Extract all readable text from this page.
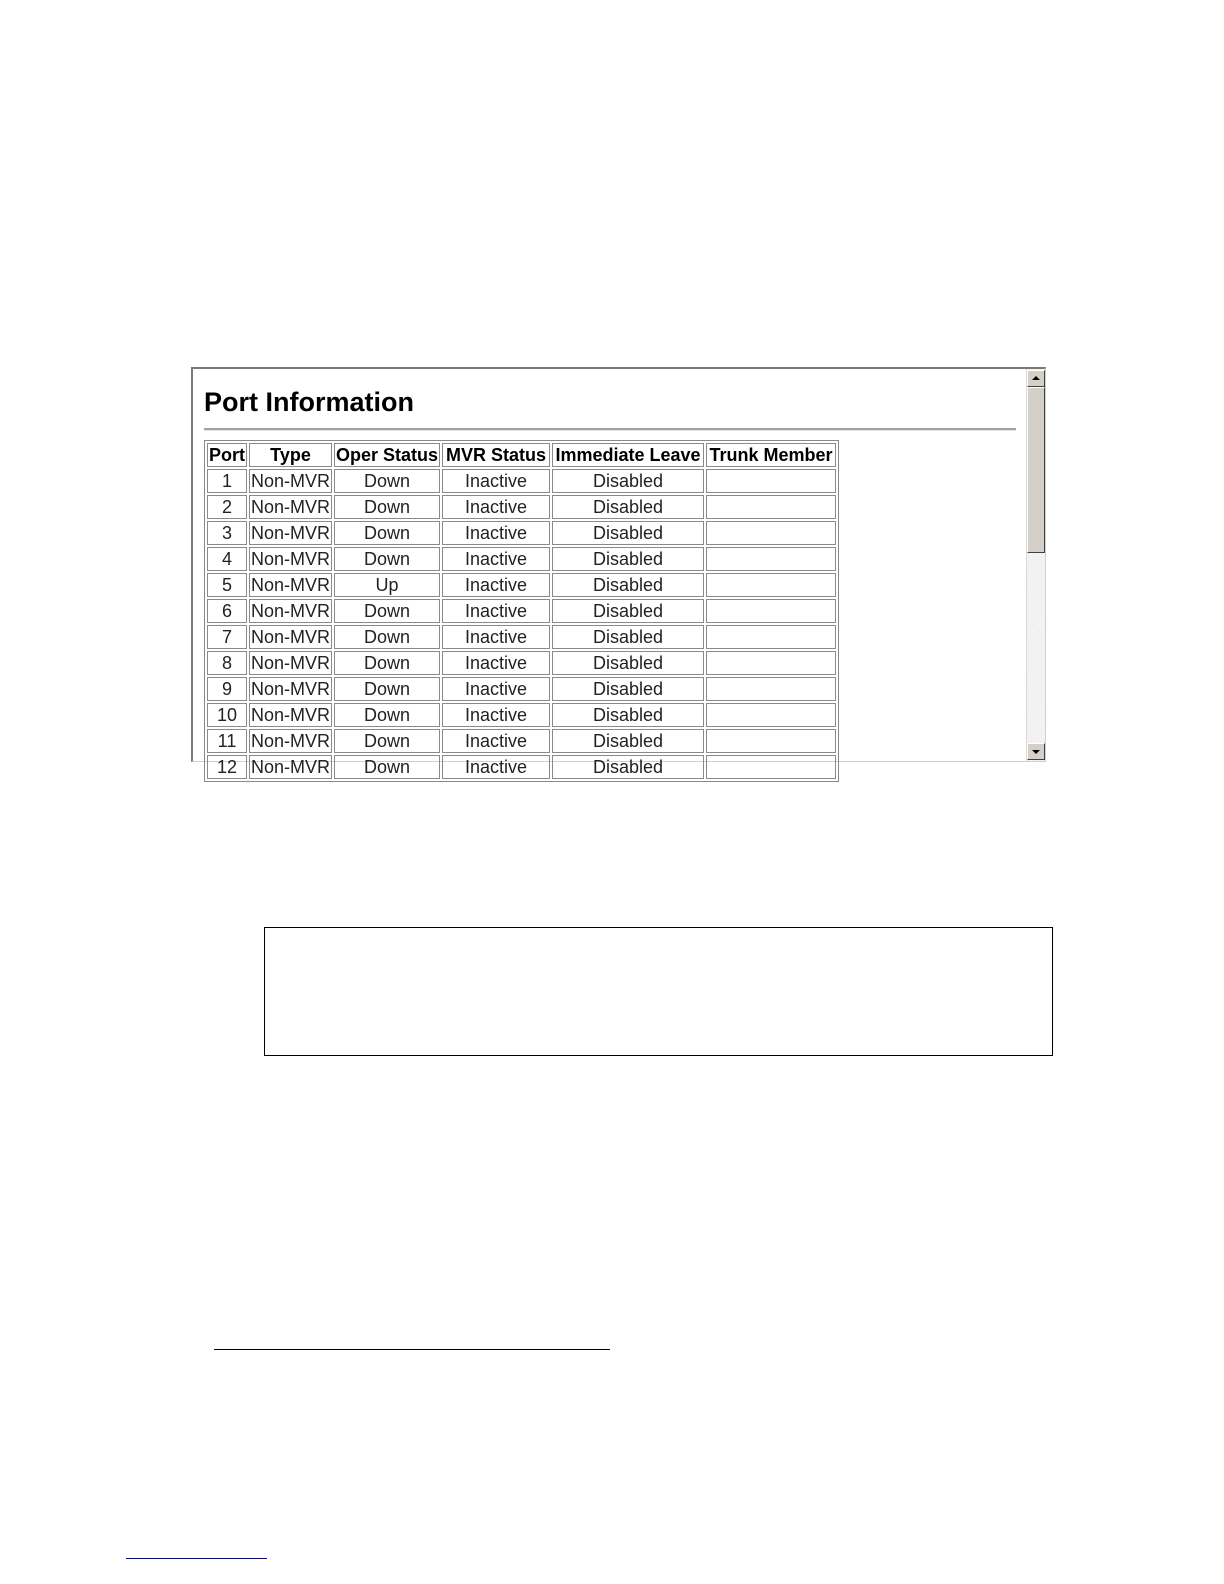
Port Information
Port	Type	Oper Status	MVR Status	Immediate Leave	Trunk Member
1	Non-MVR	Down	Inactive	Disabled	
2	Non-MVR	Down	Inactive	Disabled	
3	Non-MVR	Down	Inactive	Disabled	
4	Non-MVR	Down	Inactive	Disabled	
5	Non-MVR	Up	Inactive	Disabled	
6	Non-MVR	Down	Inactive	Disabled	
7	Non-MVR	Down	Inactive	Disabled	
8	Non-MVR	Down	Inactive	Disabled	
9	Non-MVR	Down	Inactive	Disabled	
10	Non-MVR	Down	Inactive	Disabled	
11	Non-MVR	Down	Inactive	Disabled	
12	Non-MVR	Down	Inactive	Disabled	
